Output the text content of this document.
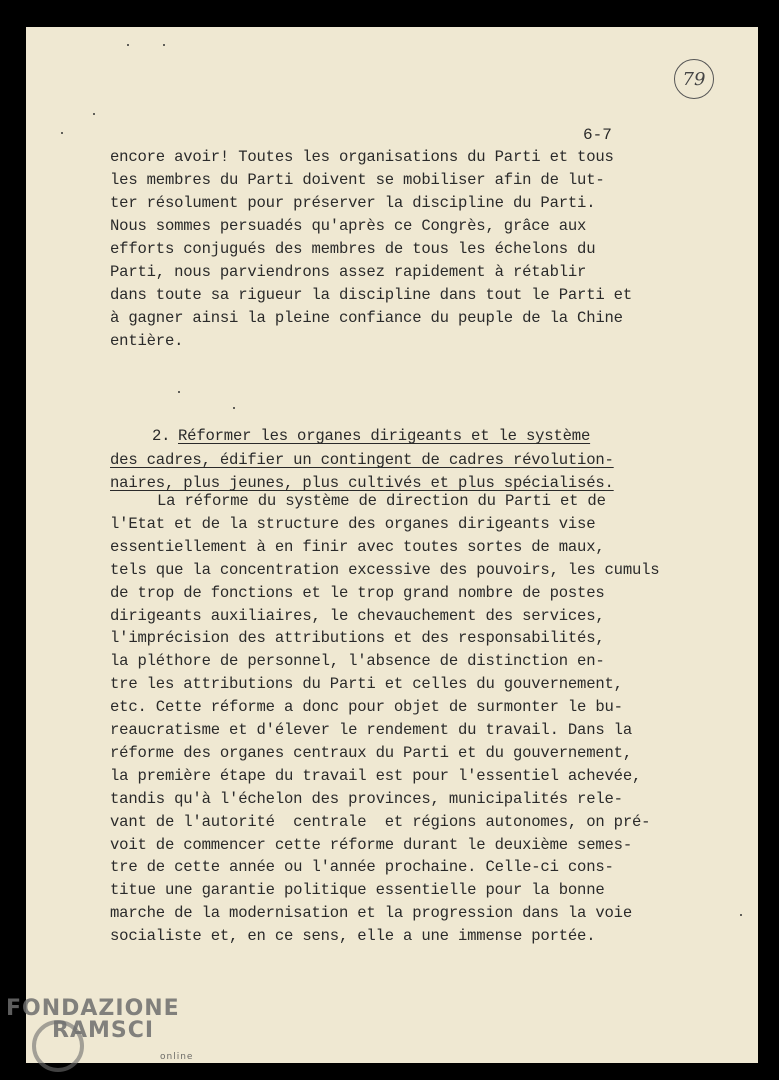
79
6-7
encore avoir! Toutes les organisations du Parti et tous
les membres du Parti doivent se mobiliser afin de lut-
ter résolument pour préserver la discipline du Parti.
Nous sommes persuadés qu'après ce Congrès, grâce aux
efforts conjugués des membres de tous les échelons du
Parti, nous parviendrons assez rapidement à rétablir
dans toute sa rigueur la discipline dans tout le Parti et
à gagner ainsi la pleine confiance du peuple de la Chine
entière.
2. Réformer les organes dirigeants et le système
des cadres, édifier un contingent de cadres révolution-
naires, plus jeunes, plus cultivés et plus spécialisés.
La réforme du système de direction du Parti et de
l'Etat et de la structure des organes dirigeants vise
essentiellement à en finir avec toutes sortes de maux,
tels que la concentration excessive des pouvoirs, les cumuls
de trop de fonctions et le trop grand nombre de postes
dirigeants auxiliaires, le chevauchement des services,
l'imprécision des attributions et des responsabilités,
la pléthore de personnel, l'absence de distinction en-
tre les attributions du Parti et celles du gouvernement,
etc. Cette réforme a donc pour objet de surmonter le bu-
reaucratisme et d'élever le rendement du travail. Dans la
réforme des organes centraux du Parti et du gouvernement,
la première étape du travail est pour l'essentiel achevée,
tandis qu'à l'échelon des provinces, municipalités rele-
vant de l'autorité  centrale  et régions autonomes, on pré-
voit de commencer cette réforme durant le deuxième semes-
tre de cette année ou l'année prochaine. Celle-ci cons-
titue une garantie politique essentielle pour la bonne
marche de la modernisation et la progression dans la voie
socialiste et, en ce sens, elle a une immense portée.
FONDAZIONE
RAMSCI
online
